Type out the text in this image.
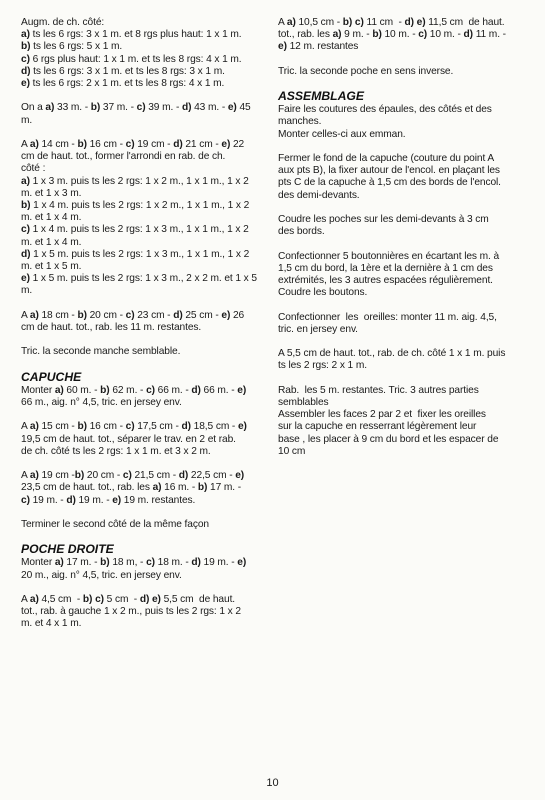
Augm. de ch. côté:
a) ts les 6 rgs: 3 x 1 m. et 8 rgs plus haut: 1 x 1 m.
b) ts les 6 rgs: 5 x 1 m.
c) 6 rgs plus haut: 1 x 1 m. et ts les 8 rgs: 4 x 1 m.
d) ts les 6 rgs: 3 x 1 m. et ts les 8 rgs: 3 x 1 m.
e) ts les 6 rgs: 2 x 1 m. et ts les 8 rgs: 4 x 1 m.
On a a) 33 m. - b) 37 m. - c) 39 m. - d) 43 m. - e) 45
m.
A a) 14 cm - b) 16 cm - c) 19 cm - d) 21 cm - e) 22
cm de haut. tot., former l'arrondi en rab. de ch.
côté :
a) 1 x 3 m. puis ts les 2 rgs: 1 x 2 m., 1 x 1 m., 1 x 2
m. et 1 x 3 m.
b) 1 x 4 m. puis ts les 2 rgs: 1 x 2 m., 1 x 1 m., 1 x 2
m. et 1 x 4 m.
c) 1 x 4 m. puis ts les 2 rgs: 1 x 3 m., 1 x 1 m., 1 x 2
m. et 1 x 4 m.
d) 1 x 5 m. puis ts les 2 rgs: 1 x 3 m., 1 x 1 m., 1 x 2
m. et 1 x 5 m.
e) 1 x 5 m. puis ts les 2 rgs: 1 x 3 m., 2 x 2 m. et 1 x 5
m.
A a) 18 cm - b) 20 cm - c) 23 cm - d) 25 cm - e) 26
cm de haut. tot., rab. les 11 m. restantes.
Tric. la seconde manche semblable.
CAPUCHE
Monter a) 60 m. - b) 62 m. - c) 66 m. - d) 66 m. - e)
66 m., aig. n° 4,5, tric. en jersey env.
A a) 15 cm - b) 16 cm - c) 17,5 cm - d) 18,5 cm - e)
19,5 cm de haut. tot., séparer le trav. en 2 et rab.
de ch. côté ts les 2 rgs: 1 x 1 m. et 3 x 2 m.
A a) 19 cm -b) 20 cm - c) 21,5 cm - d) 22,5 cm - e)
23,5 cm de haut. tot., rab. les a) 16 m. - b) 17 m. -
c) 19 m. - d) 19 m. - e) 19 m. restantes.
Terminer le second côté de la même façon
POCHE DROITE
Monter a) 17 m. - b) 18 m, - c) 18 m. - d) 19 m. - e)
20 m., aig. n° 4,5, tric. en jersey env.
A a) 4,5 cm  - b) c) 5 cm  - d) e) 5,5 cm  de haut.
tot., rab. à gauche 1 x 2 m., puis ts les 2 rgs: 1 x 2
m. et 4 x 1 m.
A a) 10,5 cm - b) c) 11 cm  - d) e) 11,5 cm  de haut.
tot., rab. les a) 9 m. - b) 10 m. - c) 10 m. - d) 11 m. -
e) 12 m. restantes
Tric. la seconde poche en sens inverse.
ASSEMBLAGE
Faire les coutures des épaules, des côtés et des
manches.
Monter celles-ci aux emman.
Fermer le fond de la capuche (couture du point A
aux pts B), la fixer autour de l'encol. en plaçant les
pts C de la capuche à 1,5 cm des bords de l'encol.
des demi-devants.
Coudre les poches sur les demi-devants à 3 cm
des bords.
Confectionner 5 boutonnières en écartant les m. à
1,5 cm du bord, la 1ère et la dernière à 1 cm des
extrémités, les 3 autres espacées régulièrement.
Coudre les boutons.
Confectionner  les  oreilles: monter 11 m. aig. 4,5,
tric. en jersey env.
A 5,5 cm de haut. tot., rab. de ch. côté 1 x 1 m. puis
ts les 2 rgs: 2 x 1 m.
Rab.  les 5 m. restantes. Tric. 3 autres parties
semblables
Assembler les faces 2 par 2 et  fixer les oreilles
sur la capuche en resserrant légèrement leur
base , les placer à 9 cm du bord et les espacer de
10 cm
10
